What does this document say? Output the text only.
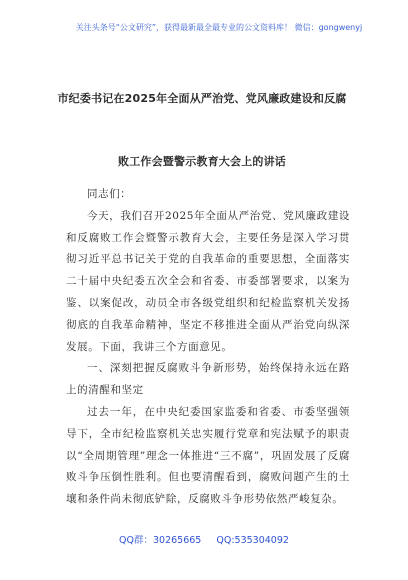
关注头条号“公文研究”，获得最新最全最专业的公文资料库！ 微信：gongwenyj
市纪委书记在2025年全面从严治党、党风廉政建设和反腐
败工作会暨警示教育大会上的讲话

同志们：

今天，我们召开2025年全面从严治党、党风廉政建设和反腐败工作会暨警示教育大会，主要任务是深入学习贯彻习近平总书记关于党的自我革命的重要思想，全面落实二十届中央纪委五次全会和省委、市委部署要求，以案为鉴、以案促改，动员全市各级党组织和纪检监察机关发扬彻底的自我革命精神，坚定不移推进全面从严治党向纵深发展。下面，我讲三个方面意见。

一、深刻把握反腐败斗争新形势，始终保持永远在路上的清醒和坚定

过去一年，在中央纪委国家监委和省委、市委坚强领导下，全市纪检监察机关忠实履行党章和宪法赋予的职责以“全周期管理”理念一体推进“三不腐”，巩固发展了反腐败斗争压倒性胜利。但也要清醒看到，腐败问题产生的土壤和条件尚未彻底铲除，反腐败斗争形势依然严峻复杂。

QQ群：30265665 QQ:535304092
